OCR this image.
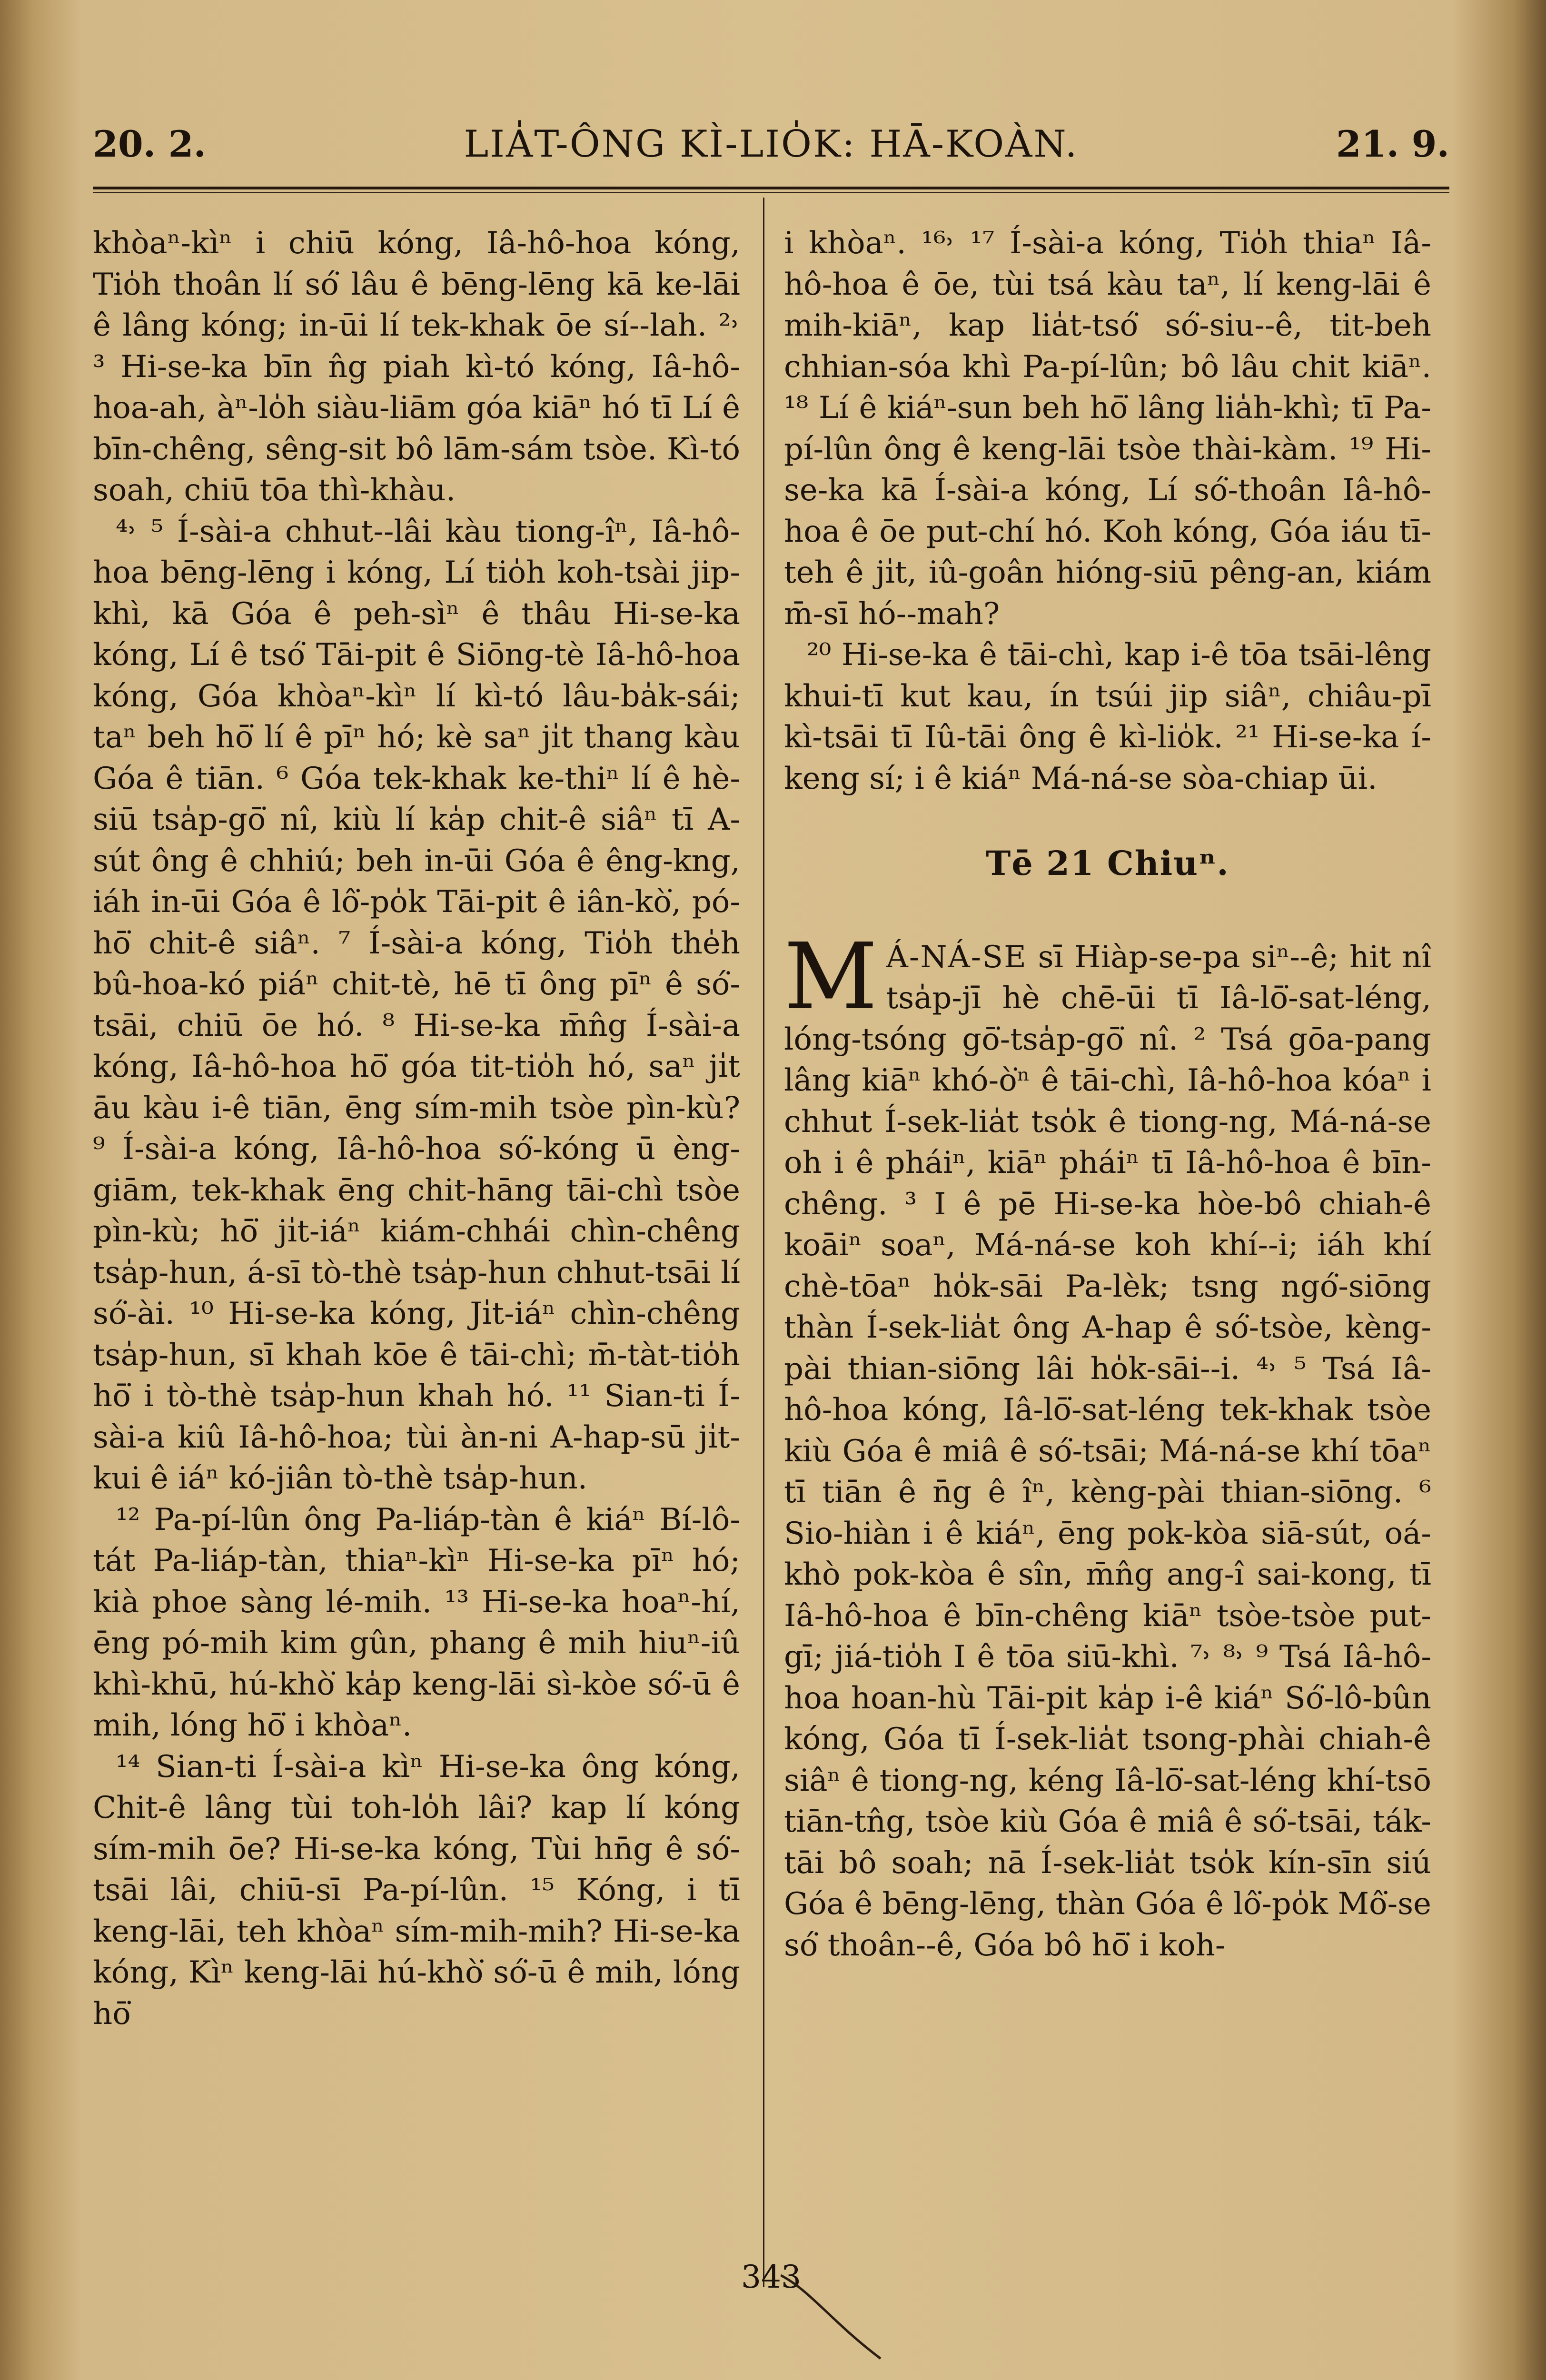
20. 2.	LIA̍T-ÔNG KÌ-LIO̍K: HĀ-KOÀN.	21. 9.

khòaⁿ-kìⁿ i chiū kóng, Iâ-hô-hoa kóng, Tio̍h thoân lí só͘ lâu ê bēng-lēng kā ke-lāi ê lâng kóng; in-ūi lí tek-khak ōe sí--lah. ²˒ ³ Hi-se-ka bīn n̂g piah kì-tó kóng, Iâ-hô-hoa-ah, àⁿ-lo̍h siàu-liām góa kiāⁿ hó tī Lí ê bīn-chêng, sêng-sit bô lām-sám tsòe. Kì-tó soah, chiū tōa thì-khàu.

⁴˒ ⁵ Í-sài-a chhut--lâi kàu tiong-îⁿ, Iâ-hô-hoa bēng-lēng i kóng, Lí tio̍h koh-tsài jip-khì, kā Góa ê peh-sìⁿ ê thâu Hi-se-ka kóng, Lí ê tsó͘ Tāi-pit ê Siōng-tè Iâ-hô-hoa kóng, Góa khòaⁿ-kìⁿ lí kì-tó lâu-ba̍k-sái; taⁿ beh hō͘ lí ê pīⁿ hó; kè saⁿ ji̍t thang kàu Góa ê tiān. ⁶ Góa tek-khak ke-thiⁿ lí ê hè-siū tsa̍p-gō͘ nî, kiù lí ka̍p chit-ê siâⁿ tī A-sút ông ê chhiú; beh in-ūi Góa ê êng-kng, iáh in-ūi Góa ê lô͘-po̍k Tāi-pit ê iân-kò͘, pó-hō͘ chit-ê siâⁿ. ⁷ Í-sài-a kóng, Tio̍h the̍h bû-hoa-kó piáⁿ chit-tè, hē tī ông pīⁿ ê só͘-tsāi, chiū ōe hó. ⁸ Hi-se-ka m̄n̂g Í-sài-a kóng, Iâ-hô-hoa hō͘ góa tit-tio̍h hó, saⁿ ji̍t āu kàu i-ê tiān, ēng sím-mih tsòe pìn-kù? ⁹ Í-sài-a kóng, Iâ-hô-hoa só͘-kóng ū èng-giām, tek-khak ēng chit-hāng tāi-chì tsòe pìn-kù; hō͘ ji̍t-iáⁿ kiám-chhái chìn-chêng tsa̍p-hun, á-sī tò-thè tsa̍p-hun chhut-tsāi lí só͘-ài. ¹⁰ Hi-se-ka kóng, Ji̍t-iáⁿ chìn-chêng tsa̍p-hun, sī khah kōe ê tāi-chì; m̄-tàt-tio̍h hō͘ i tò-thè tsa̍p-hun khah hó. ¹¹ Sian-ti Í-sài-a kiû Iâ-hô-hoa; tùi àn-ni A-hap-sū ji̍t-kui ê iáⁿ kó-jiân tò-thè tsa̍p-hun.

¹² Pa-pí-lûn ông Pa-liáp-tàn ê kiáⁿ Bí-lô-tát Pa-liáp-tàn, thiaⁿ-kìⁿ Hi-se-ka pīⁿ hó; kià phoe sàng lé-mih. ¹³ Hi-se-ka hoaⁿ-hí, ēng pó-mih kim gûn, phang ê mih hiuⁿ-iû khì-khū, hú-khò͘ ka̍p keng-lāi sì-kòe só͘-ū ê mih, lóng hō͘ i khòaⁿ.

¹⁴ Sian-ti Í-sài-a kìⁿ Hi-se-ka ông kóng, Chit-ê lâng tùi toh-lo̍h lâi? kap lí kóng sím-mih ōe? Hi-se-ka kóng, Tùi hn̄g ê só͘-tsāi lâi, chiū-sī Pa-pí-lûn. ¹⁵ Kóng, i tī keng-lāi, teh khòaⁿ sím-mih-mih? Hi-se-ka kóng, Kìⁿ keng-lāi hú-khò͘ só͘-ū ê mih, lóng hō͘

i khòaⁿ. ¹⁶˒ ¹⁷ Í-sài-a kóng, Tio̍h thiaⁿ Iâ-hô-hoa ê ōe, tùi tsá kàu taⁿ, lí keng-lāi ê mih-kiāⁿ, kap lia̍t-tsó͘ só͘-siu--ê, tit-beh chhian-sóa khì Pa-pí-lûn; bô lâu chit kiāⁿ. ¹⁸ Lí ê kiáⁿ-sun beh hō͘ lâng lia̍h-khì; tī Pa-pí-lûn ông ê keng-lāi tsòe thài-kàm. ¹⁹ Hi-se-ka kā Í-sài-a kóng, Lí só͘-thoân Iâ-hô-hoa ê ōe put-chí hó. Koh kóng, Góa iáu tī-teh ê ji̍t, iû-goân hióng-siū pêng-an, kiám m̄-sī hó--mah?

²⁰ Hi-se-ka ê tāi-chì, kap i-ê tōa tsāi-lêng khui-tī kut kau, ín tsúi jip siâⁿ, chiâu-pī kì-tsāi tī Iû-tāi ông ê kì-lio̍k. ²¹ Hi-se-ka í-keng sí; i ê kiáⁿ Má-ná-se sòa-chiap ūi.

Tē 21 Chiuⁿ.

M Á-NÁ-SE sī Hiàp-se-pa siⁿ--ê; hit nî tsa̍p-jī hè chē-ūi tī Iâ-lō͘-sat-léng, lóng-tsóng gō͘-tsa̍p-gō͘ nî. ² Tsá gōa-pang lâng kiāⁿ khó-ò͘ⁿ ê tāi-chì, Iâ-hô-hoa kóaⁿ i chhut Í-sek-lia̍t tso̍k ê tiong-ng, Má-ná-se oh i ê pháiⁿ, kiāⁿ pháiⁿ tī Iâ-hô-hoa ê bīn-chêng. ³ I ê pē Hi-se-ka hòe-bô chiah-ê koāiⁿ soaⁿ, Má-ná-se koh khí--i; iáh khí chè-tōaⁿ ho̍k-sāi Pa-lèk; tsng ngó͘-siōng thàn Í-sek-lia̍t ông A-hap ê só͘-tsòe, kèng-pài thian-siōng lâi ho̍k-sāi--i. ⁴˒ ⁵ Tsá Iâ-hô-hoa kóng, Iâ-lō͘-sat-léng tek-khak tsòe kiù Góa ê miâ ê só͘-tsāi; Má-ná-se khí tōaⁿ tī tiān ê n̄g ê îⁿ, kèng-pài thian-siōng. ⁶ Sio-hiàn i ê kiáⁿ, ēng pok-kòa siā-sút, oá-khò pok-kòa ê sîn, m̄n̂g ang-î sai-kong, tī Iâ-hô-hoa ê bīn-chêng kiāⁿ tsòe-tsòe put-gī; jiá-tio̍h I ê tōa siū-khì. ⁷˒ ⁸˒ ⁹ Tsá Iâ-hô-hoa hoan-hù Tāi-pit ka̍p i-ê kiáⁿ Só͘-lô-bûn kóng, Góa tī Í-sek-lia̍t tsong-phài chiah-ê siâⁿ ê tiong-ng, kéng Iâ-lō͘-sat-léng khí-tsō tiān-tn̂g, tsòe kiù Góa ê miâ ê só͘-tsāi, ták-tāi bô soah; nā Í-sek-lia̍t tso̍k kín-sīn siú Góa ê bēng-lēng, thàn Góa ê lô͘-po̍k Mô͘-se só͘ thoân--ê, Góa bô hō͘ i koh-

343
